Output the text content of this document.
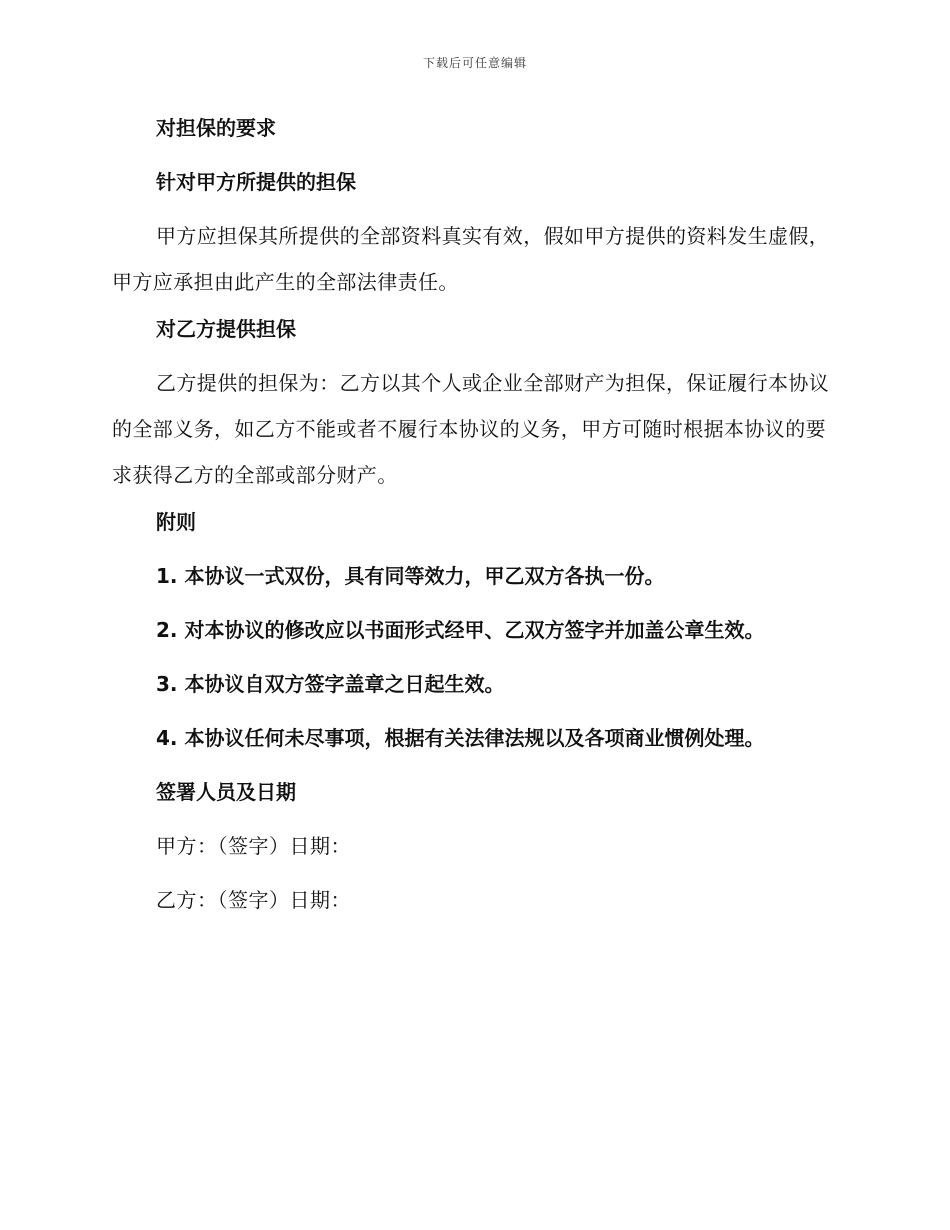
下载后可任意编辑

对担保的要求

针对甲方所提供的担保

甲方应担保其所提供的全部资料真实有效，假如甲方提供的资料发生虚假，甲方应承担由此产生的全部法律责任。

对乙方提供担保

乙方提供的担保为：乙方以其个人或企业全部财产为担保，保证履行本协议的全部义务，如乙方不能或者不履行本协议的义务，甲方可随时根据本协议的要求获得乙方的全部或部分财产。

附则

1. 本协议一式双份，具有同等效力，甲乙双方各执一份。

2. 对本协议的修改应以书面形式经甲、乙双方签字并加盖公章生效。

3. 本协议自双方签字盖章之日起生效。

4. 本协议任何未尽事项，根据有关法律法规以及各项商业惯例处理。

签署人员及日期

甲方：（签字）日期：

乙方：（签字）日期：
